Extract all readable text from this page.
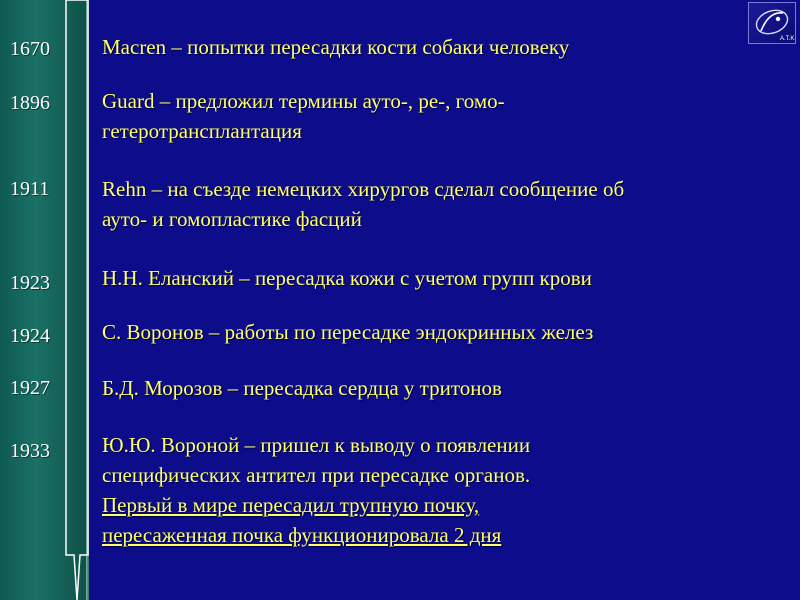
A.T.K.
1670
1896
1911
1923
1924
1927
1933
Macren – попытки пересадки кости собаки человеку
Guard – предложил термины ауто-, ре-, гомо-
гетеротрансплантация
Rehn – на съезде немецких хирургов сделал сообщение об
ауто- и гомопластике фасций
Н.Н. Еланский – пересадка кожи с учетом групп крови
С. Воронов – работы по пересадке эндокринных желез
Б.Д. Морозов – пересадка сердца у тритонов
Ю.Ю. Вороной – пришел к выводу о появлении
специфических антител при пересадке органов.
Первый в мире пересадил трупную почку,
пересаженная почка функционировала 2 дня
